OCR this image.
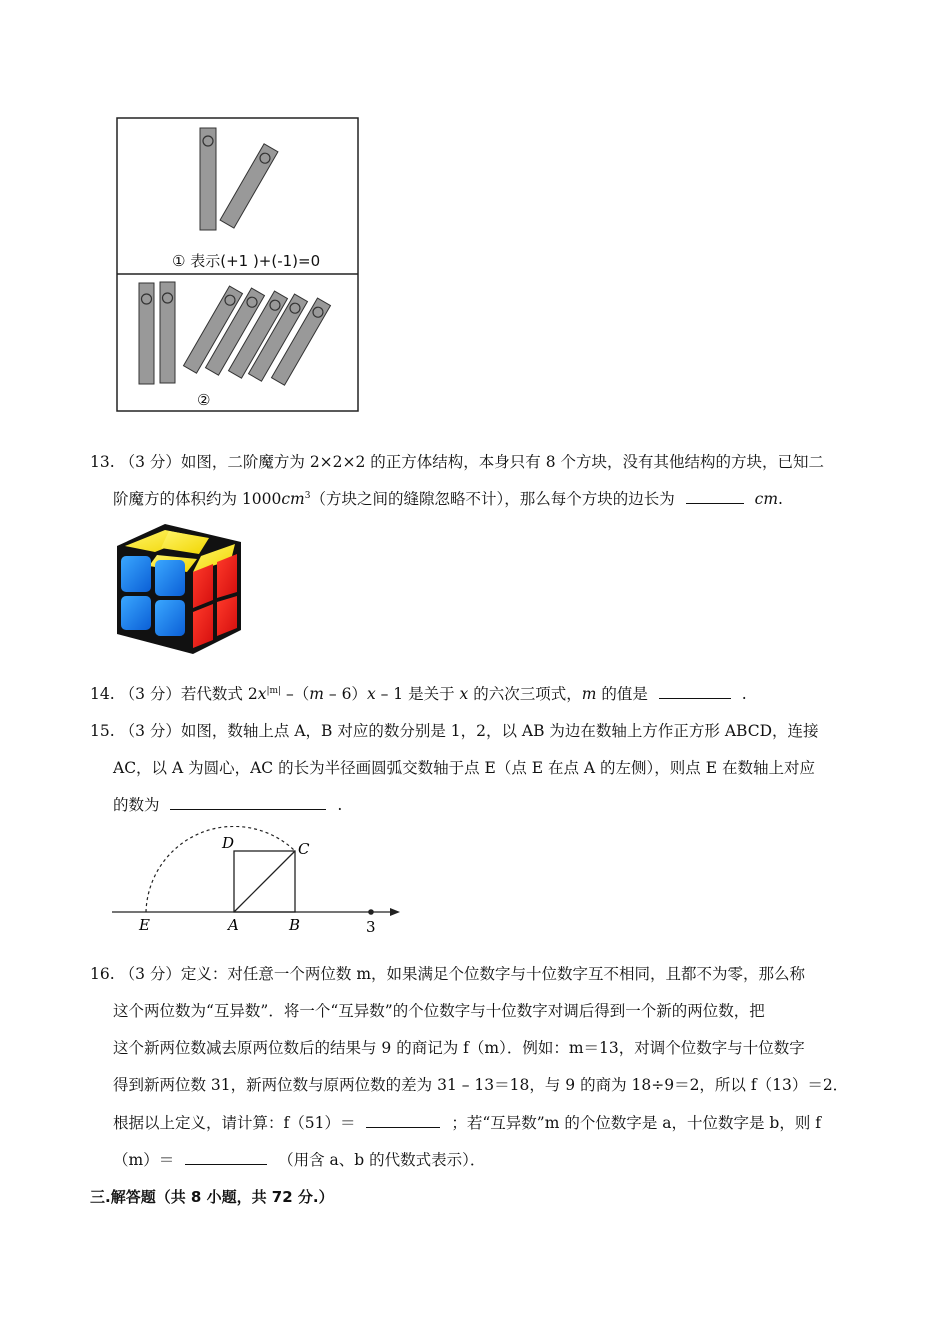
① 表示(+1 )+(-1)=0
②
13. （3 分）如图，二阶魔方为 2×2×2 的正方体结构，本身只有 8 个方块，没有其他结构的方块，已知二
阶魔方的体积约为 $1000cm^3$（方块之间的缝隙忽略不计），那么每个方块的边长为	cm.
14. （3 分）若代数式 $2x^{|m|}$ –（m – 6）x – 1 是关于 x 的六次三项式，m 的值是	.
15. （3 分）如图，数轴上点 A，B 对应的数分别是 1，2，以 AB 为边在数轴上方作正方形 ABCD，连接
AC，以 A 为圆心，AC 的长为半径画圆弧交数轴于点 E（点 E 在点 A 的左侧），则点 E 在数轴上对应
的数为	.
D	C
E	A	B	3
16. （3 分）定义：对任意一个两位数 m，如果满足个位数字与十位数字互不相同，且都不为零，那么称
这个两位数为“互异数”．将一个“互异数”的个位数字与十位数字对调后得到一个新的两位数，把
这个新两位数减去原两位数后的结果与 9 的商记为 f（m）．例如：m＝13，对调个位数字与十位数字
得到新两位数 31，新两位数与原两位数的差为 31 – 13＝18，与 9 的商为 18÷9＝2，所以 f（13）＝2．
根据以上定义，请计算：f（51）＝	；若“互异数”m 的个位数字是 a，十位数字是 b，则 f
（m）＝	（用含 a、b 的代数式表示）．
三.解答题（共 8 小题，共 72 分.）
